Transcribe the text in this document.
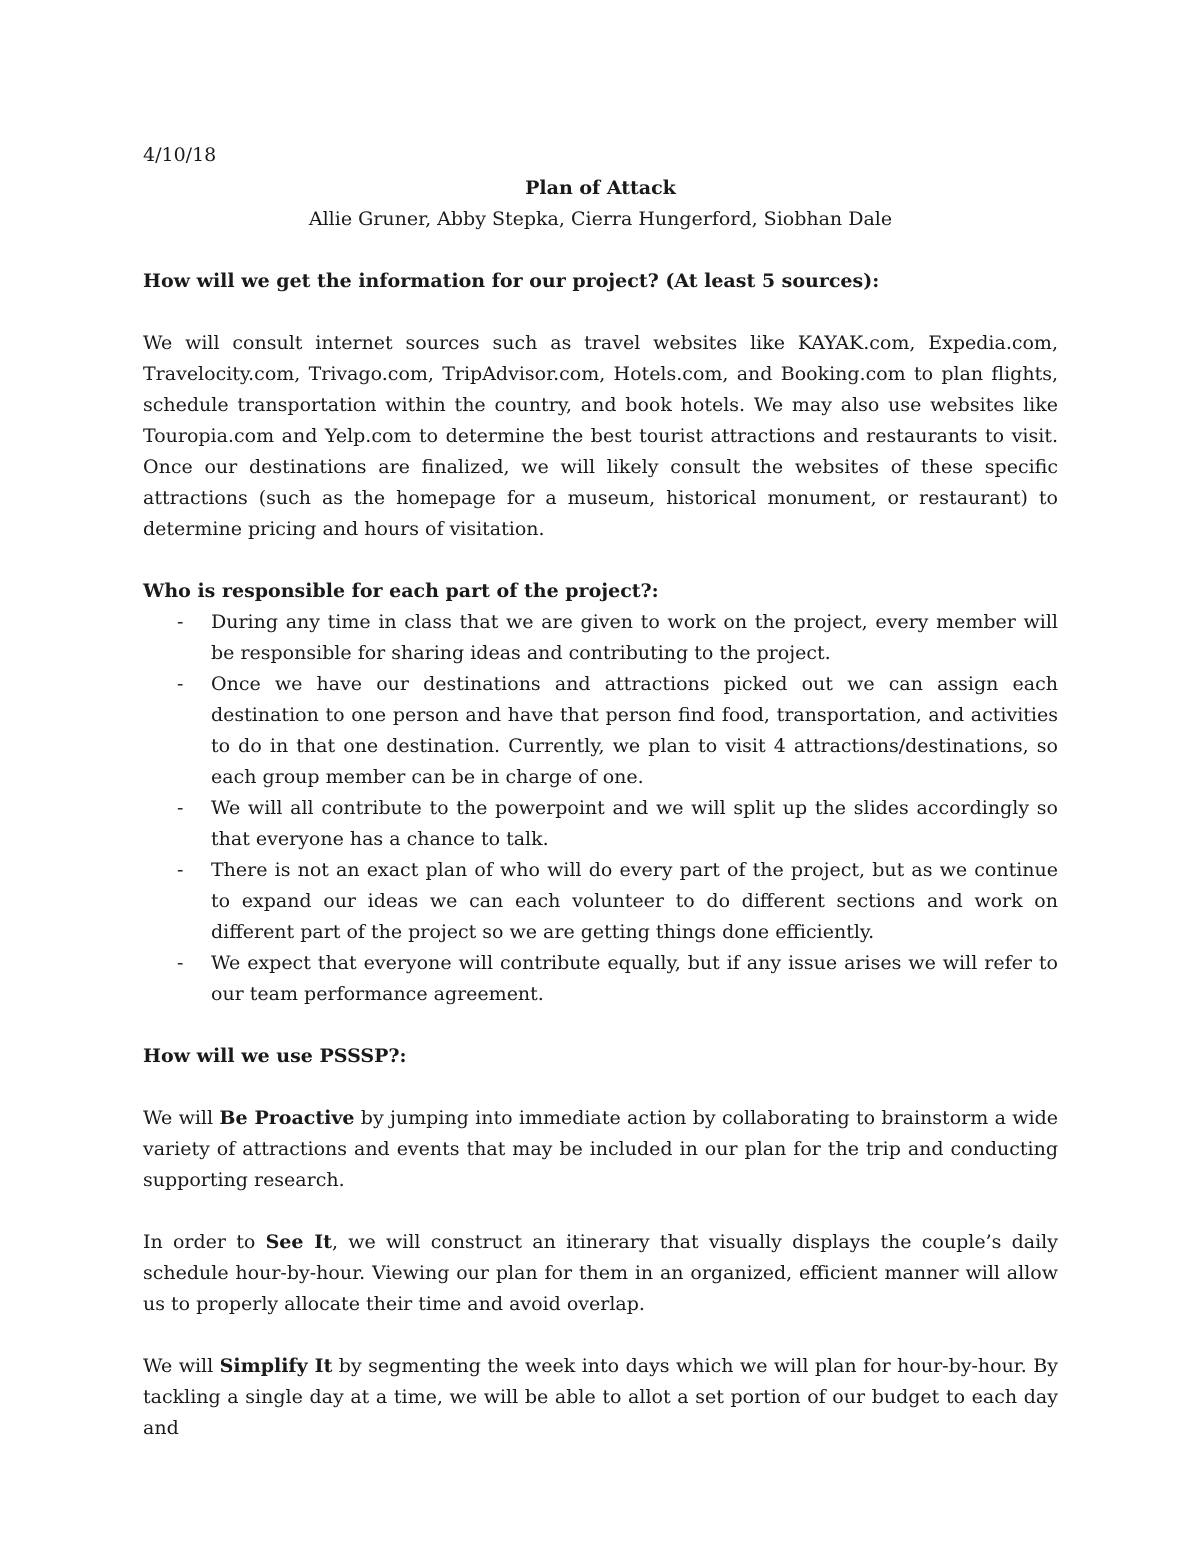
4/10/18

Plan of Attack

Allie Gruner, Abby Stepka, Cierra Hungerford, Siobhan Dale

How will we get the information for our project? (At least 5 sources):

We will consult internet sources such as travel websites like KAYAK.com, Expedia.com, Travelocity.com, Trivago.com, TripAdvisor.com, Hotels.com, and Booking.com to plan flights, schedule transportation within the country, and book hotels. We may also use websites like Touropia.com and Yelp.com to determine the best tourist attractions and restaurants to visit. Once our destinations are finalized, we will likely consult the websites of these specific attractions (such as the homepage for a museum, historical monument, or restaurant) to determine pricing and hours of visitation.

Who is responsible for each part of the project?:

- During any time in class that we are given to work on the project, every member will be responsible for sharing ideas and contributing to the project.
- Once we have our destinations and attractions picked out we can assign each destination to one person and have that person find food, transportation, and activities to do in that one destination. Currently, we plan to visit 4 attractions/destinations, so each group member can be in charge of one.
- We will all contribute to the powerpoint and we will split up the slides accordingly so that everyone has a chance to talk.
- There is not an exact plan of who will do every part of the project, but as we continue to expand our ideas we can each volunteer to do different sections and work on different part of the project so we are getting things done efficiently.
- We expect that everyone will contribute equally, but if any issue arises we will refer to our team performance agreement.

How will we use PSSSP?:

We will Be Proactive by jumping into immediate action by collaborating to brainstorm a wide variety of attractions and events that may be included in our plan for the trip and conducting supporting research.

In order to See It, we will construct an itinerary that visually displays the couple’s daily schedule hour-by-hour. Viewing our plan for them in an organized, efficient manner will allow us to properly allocate their time and avoid overlap.

We will Simplify It by segmenting the week into days which we will plan for hour-by-hour. By tackling a single day at a time, we will be able to allot a set portion of our budget to each day and
